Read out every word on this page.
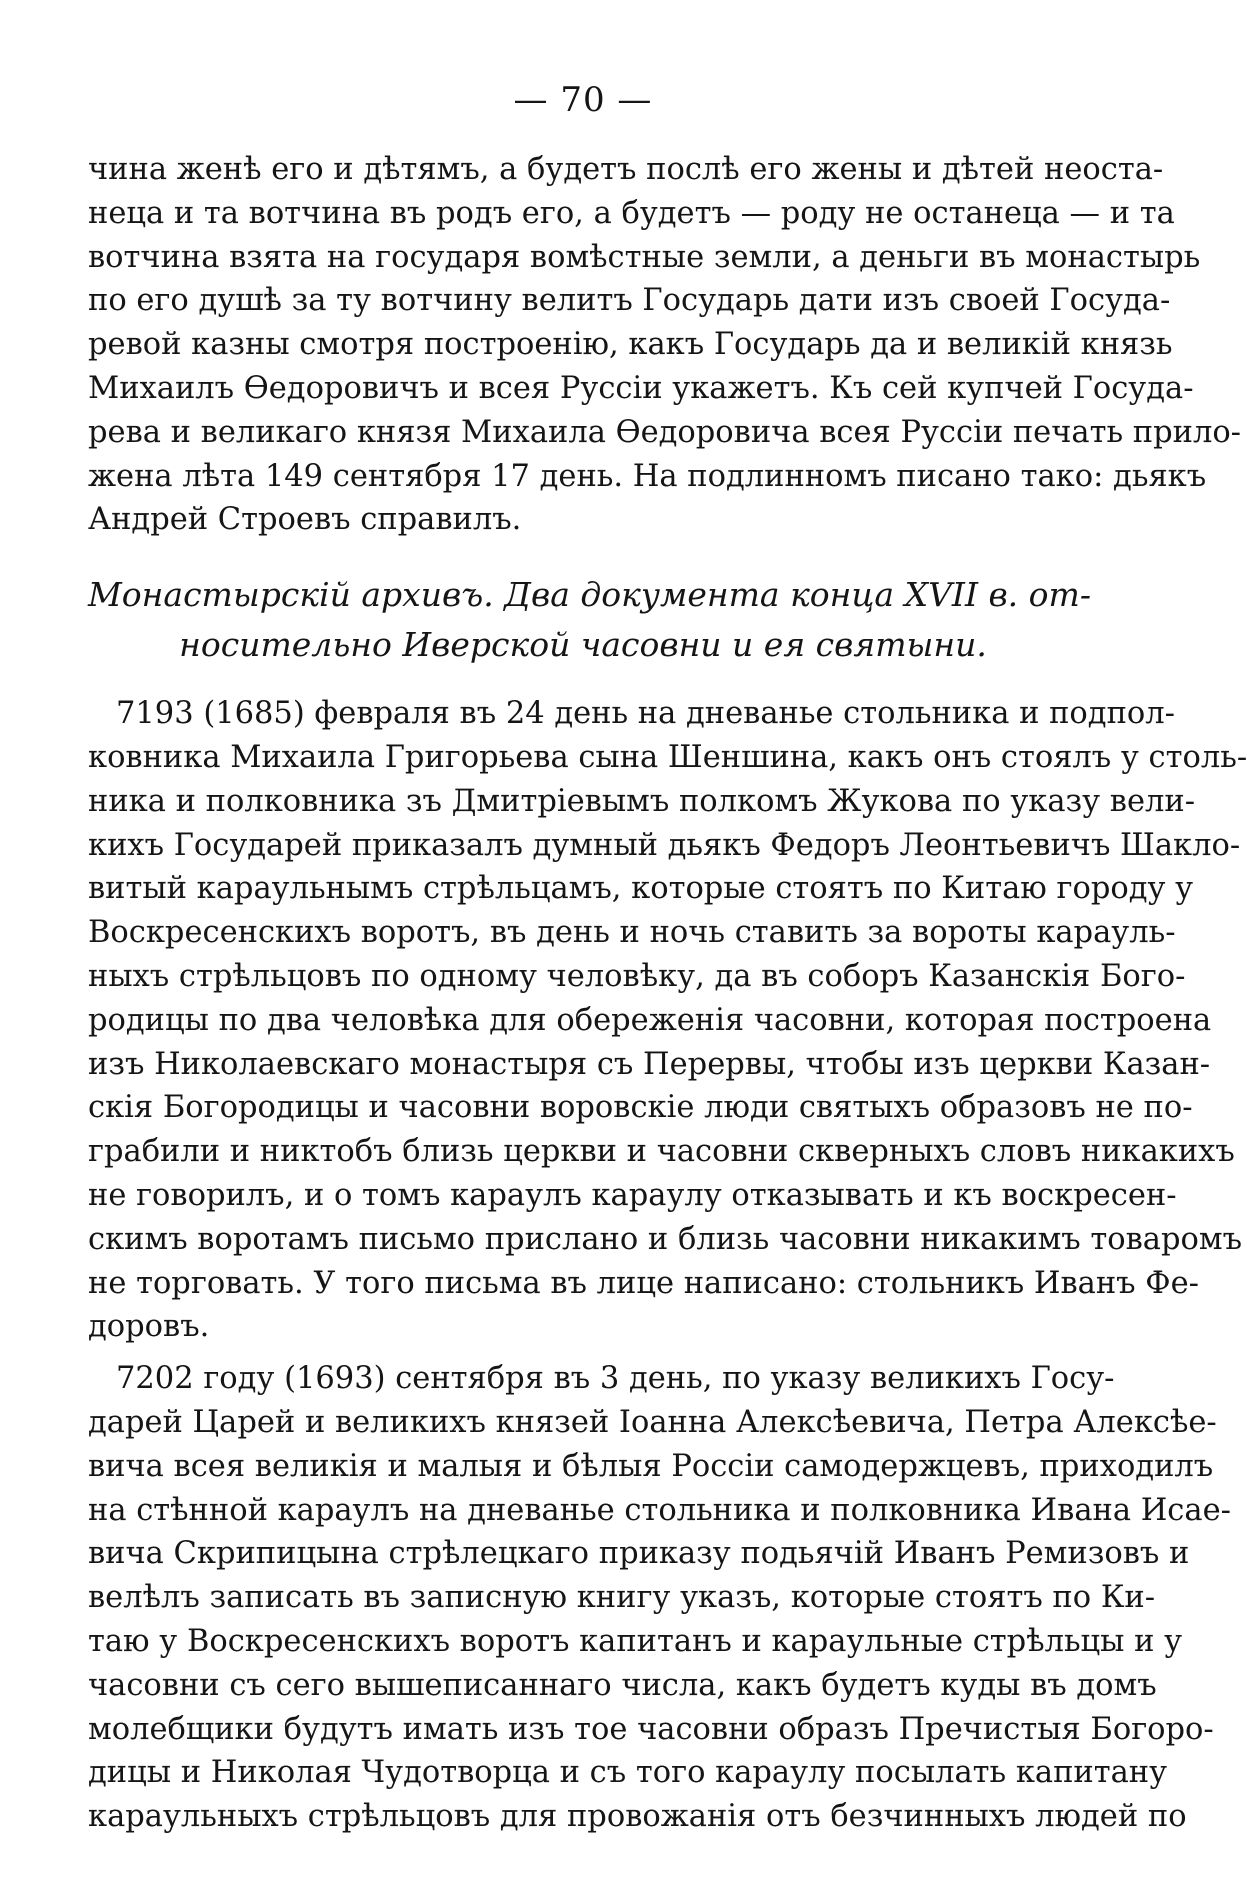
— 70 —
чина женѣ его и дѣтямъ, а будетъ послѣ его жены и дѣтей неоста-
неца и та вотчина въ родъ его, а будетъ — роду не останеца — и та
вотчина взята на государя вомѣстные земли, а деньги въ монастырь
по его душѣ за ту вотчину велитъ Государь дати изъ своей Госуда-
ревой казны смотря построенію, какъ Государь да и великій князь
Михаилъ Ѳедоровичъ и всея Руссіи укажетъ. Къ сей купчей Госуда-
рева и великаго князя Михаила Ѳедоровича всея Руссіи печать прило-
жена лѣта 149 сентября 17 день. На подлинномъ писано тако: дьякъ
Андрей Строевъ справилъ.
Монастырскій архивъ. Два документа конца XVII в. от-
носительно Иверской часовни и ея святыни.
7193 (1685) февраля въ 24 день на дневанье стольника и подпол-
ковника Михаила Григорьева сына Шеншина, какъ онъ стоялъ у столь-
ника и полковника зъ Дмитріевымъ полкомъ Жукова по указу вели-
кихъ Государей приказалъ думный дьякъ Федоръ Леонтьевичъ Шакло-
витый караульнымъ стрѣльцамъ, которые стоятъ по Китаю городу у
Воскресенскихъ воротъ, въ день и ночь ставить за вороты карауль-
ныхъ стрѣльцовъ по одному человѣку, да въ соборъ Казанскія Бого-
родицы по два человѣка для обереженія часовни, которая построена
изъ Николаевскаго монастыря съ Перервы, чтобы изъ церкви Казан-
скія Богородицы и часовни воровскіе люди святыхъ образовъ не по-
грабили и никтобъ близь церкви и часовни скверныхъ словъ никакихъ
не говорилъ, и о томъ караулъ караулу отказывать и къ воскресен-
скимъ воротамъ письмо прислано и близь часовни никакимъ товаромъ
не торговать. У того письма въ лице написано: стольникъ Иванъ Фе-
доровъ.
7202 году (1693) сентября въ 3 день, по указу великихъ Госу-
дарей Царей и великихъ князей Іоанна Алексѣевича, Петра Алексѣе-
вича всея великія и малыя и бѣлыя Россіи самодержцевъ, приходилъ
на стѣнной караулъ на дневанье стольника и полковника Ивана Исае-
вича Скрипицына стрѣлецкаго приказу подьячій Иванъ Ремизовъ и
велѣлъ записать въ записную книгу указъ, которые стоятъ по Ки-
таю у Воскресенскихъ воротъ капитанъ и караульные стрѣльцы и у
часовни съ сего вышеписаннаго числа, какъ будетъ куды въ домъ
молебщики будутъ имать изъ тое часовни образъ Пречистыя Богоро-
дицы и Николая Чудотворца и съ того караулу посылать капитану
караульныхъ стрѣльцовъ для провожанія отъ безчинныхъ людей по
